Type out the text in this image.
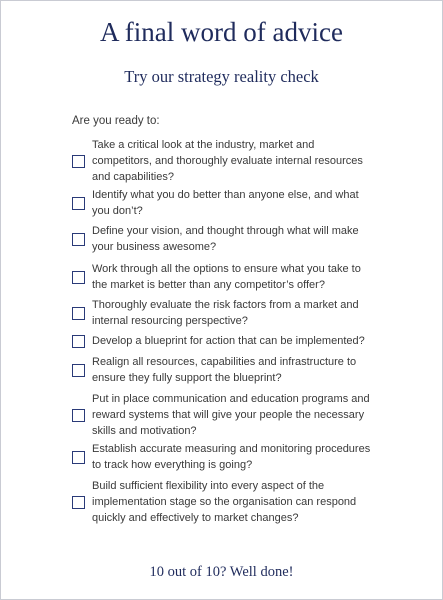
A final word of advice
Try our strategy reality check
Are you ready to:
Take a critical look at the industry, market and competitors, and thoroughly evaluate internal resources and capabilities?
Identify what you do better than anyone else, and what you don’t?
Define your vision, and thought through what will make your business awesome?
Work through all the options to ensure what you take to the market is better than any competitor’s offer?
Thoroughly evaluate the risk factors from a market and internal resourcing perspective?
Develop a blueprint for action that can be implemented?
Realign all resources, capabilities and infrastructure to ensure they fully support the blueprint?
Put in place communication and education programs and reward systems that will give your people the necessary skills and motivation?
Establish accurate measuring and monitoring procedures to track how everything is going?
Build sufficient flexibility into every aspect of the implementation stage so the organisation can respond quickly and effectively to market changes?
10 out of 10? Well done!
